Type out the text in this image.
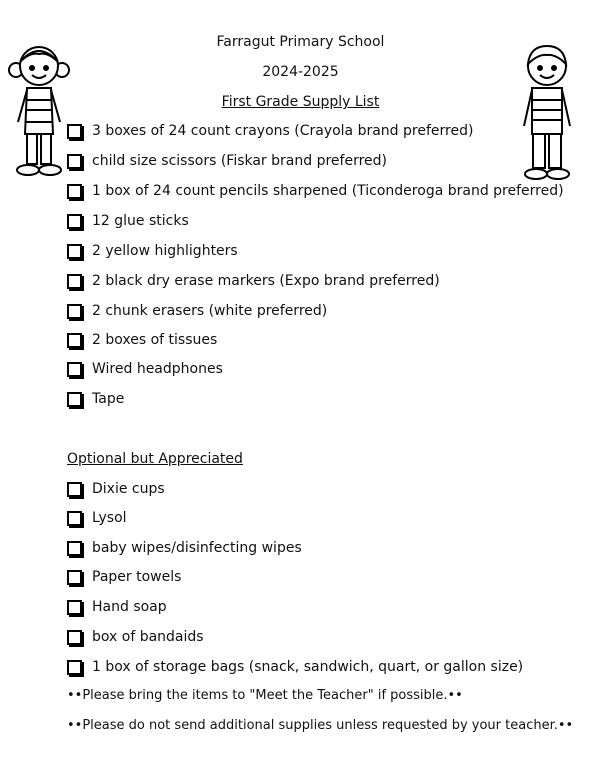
Farragut Primary School
2024-2025
First Grade Supply List
3 boxes of 24 count crayons (Crayola brand preferred)
child size scissors (Fiskar brand preferred)
1 box of 24 count pencils sharpened (Ticonderoga brand preferred)
12 glue sticks
2 yellow highlighters
2 black dry erase markers (Expo brand preferred)
2 chunk erasers (white preferred)
2 boxes of tissues
Wired headphones
Tape
Optional but Appreciated
Dixie cups
Lysol
baby wipes/disinfecting wipes
Paper towels
Hand soap
box of bandaids
1 box of storage bags (snack, sandwich, quart, or gallon size)
••Please bring the items to "Meet the Teacher" if possible.••
••Please do not send additional supplies unless requested by your teacher.••
